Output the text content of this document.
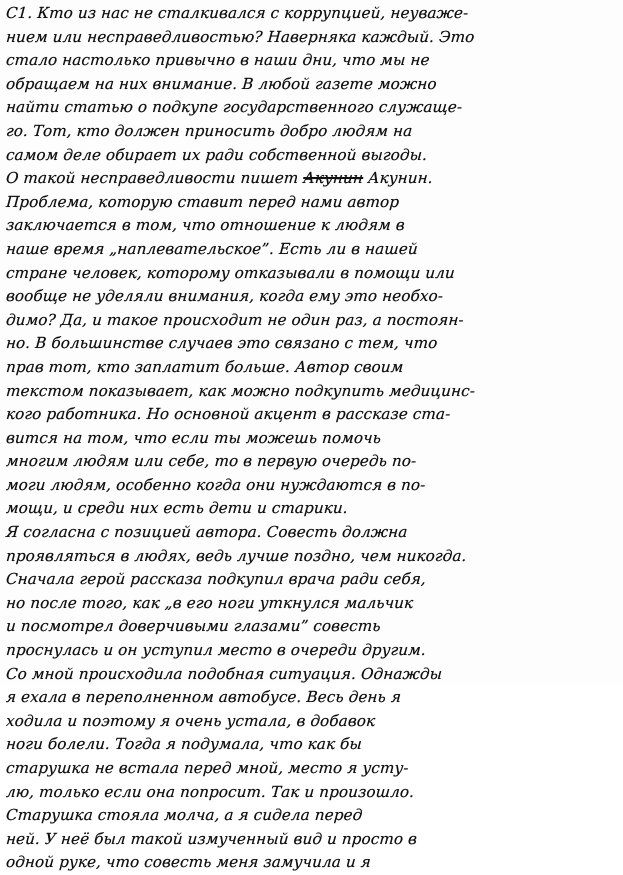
С1. Кто из нас не сталкивался с коррупцией, неуваже-
нием или несправедливостью? Наверняка каждый. Это
стало настолько привычно в наши дни, что мы не
обращаем на них внимание. В любой газете можно
найти статью о подкупе государственного служаще-
го. Тот, кто должен приносить добро людям на
самом деле обирает их ради собственной выгоды.
О такой несправедливости пишет Акунин Акунин.
Проблема, которую ставит перед нами автор
заключается в том, что отношение к людям в
наше время „наплевательское”. Есть ли в нашей
стране человек, которому отказывали в помощи или
вообще не уделяли внимания, когда ему это необхо-
димо? Да, и такое происходит не один раз, а постоян-
но. В большинстве случаев это связано с тем, что
прав тот, кто заплатит больше. Автор своим
текстом показывает, как можно подкупить медицинс-
кого работника. Но основной акцент в рассказе ста-
вится на том, что если ты можешь помочь
многим людям или себе, то в первую очередь по-
моги людям, особенно когда они нуждаются в по-
мощи, и среди них есть дети и старики.
Я согласна с позицией автора. Совесть должна
проявляться в людях, ведь лучше поздно, чем никогда.
Сначала герой рассказа подкупил врача ради себя,
но после того, как „в его ноги уткнулся мальчик
и посмотрел доверчивыми глазами” совесть
проснулась и он уступил место в очереди другим.
Со мной происходила подобная ситуация. Однажды
я ехала в переполненном автобусе. Весь день я
ходила и поэтому я очень устала, в добавок
ноги болели. Тогда я подумала, что как бы
старушка не встала перед мной, место я усту-
лю, только если она попросит. Так и произошло.
Старушка стояла молча, а я сидела перед
ней. У неё был такой измученный вид и просто в
одной руке, что совесть меня замучила и я
